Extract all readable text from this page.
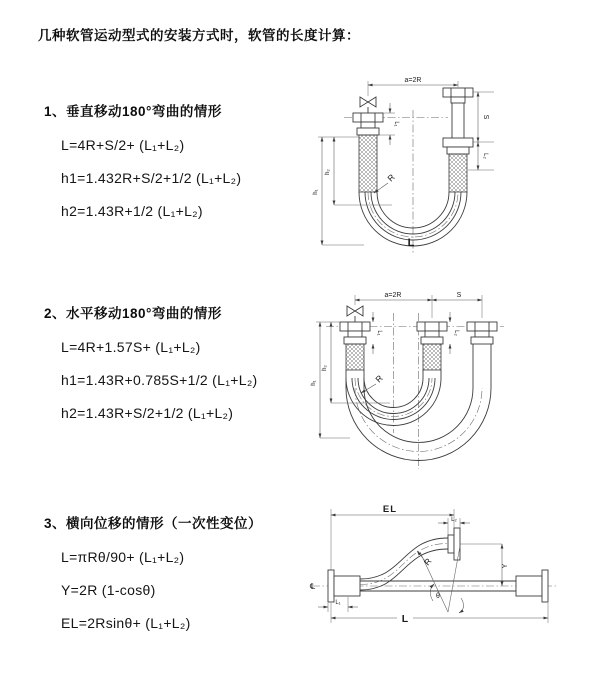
几种软管运动型式的安装方式时，软管的长度计算：
1、垂直移动180°弯曲的情形
L=4R+S/2+ (L₁+L₂)
h1=1.432R+S/2+1/2 (L₁+L₂)
h2=1.43R+1/2 (L₁+L₂)
2、水平移动180°弯曲的情形
L=4R+1.57S+ (L₁+L₂)
h1=1.43R+0.785S+1/2 (L₁+L₂)
h2=1.43R+S/2+1/2 (L₁+L₂)
3、横向位移的情形（一次性变位）
L=πRθ/90+ (L₁+L₂)
Y=2R (1-cosθ)
EL=2Rsinθ+ (L₁+L₂)
a=2R
L₁
S
L₂
h₁
h₂
R
L
a=2R	S
L₁	L₂
h₁
h₂
R
℄
EL
L₂
Y
θ
R
L
L₁
